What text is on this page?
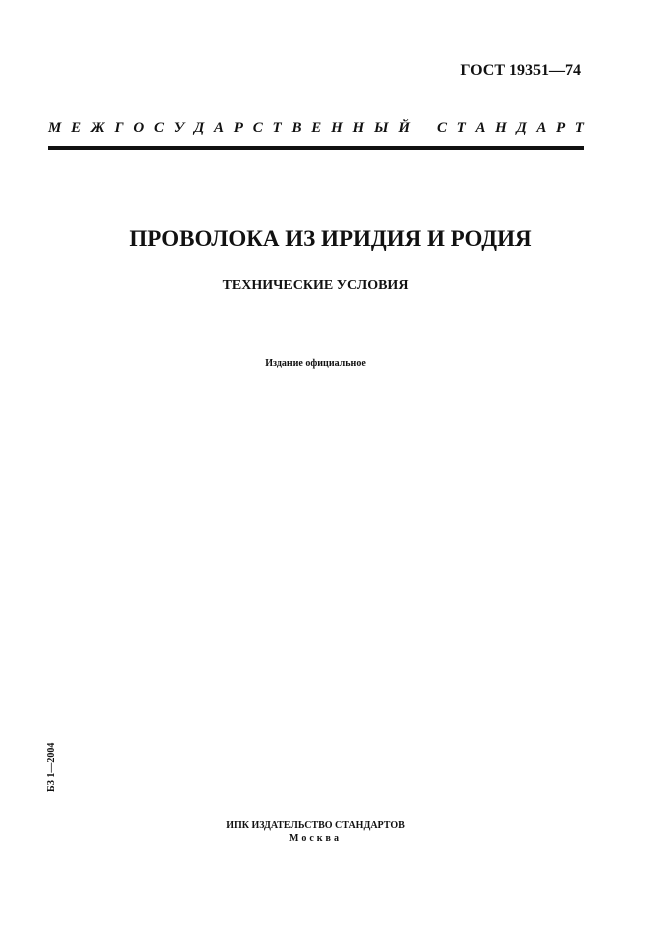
ГОСТ 19351—74
М Е Ж Г О С У Д А Р С Т В Е Н Н Ы Й С Т А Н Д А Р Т
ПРОВОЛОКА ИЗ ИРИДИЯ И РОДИЯ
ТЕХНИЧЕСКИЕ УСЛОВИЯ
Издание официальное
БЗ 1—2004
ИПК ИЗДАТЕЛЬСТВО СТАНДАРТОВ
Москва
